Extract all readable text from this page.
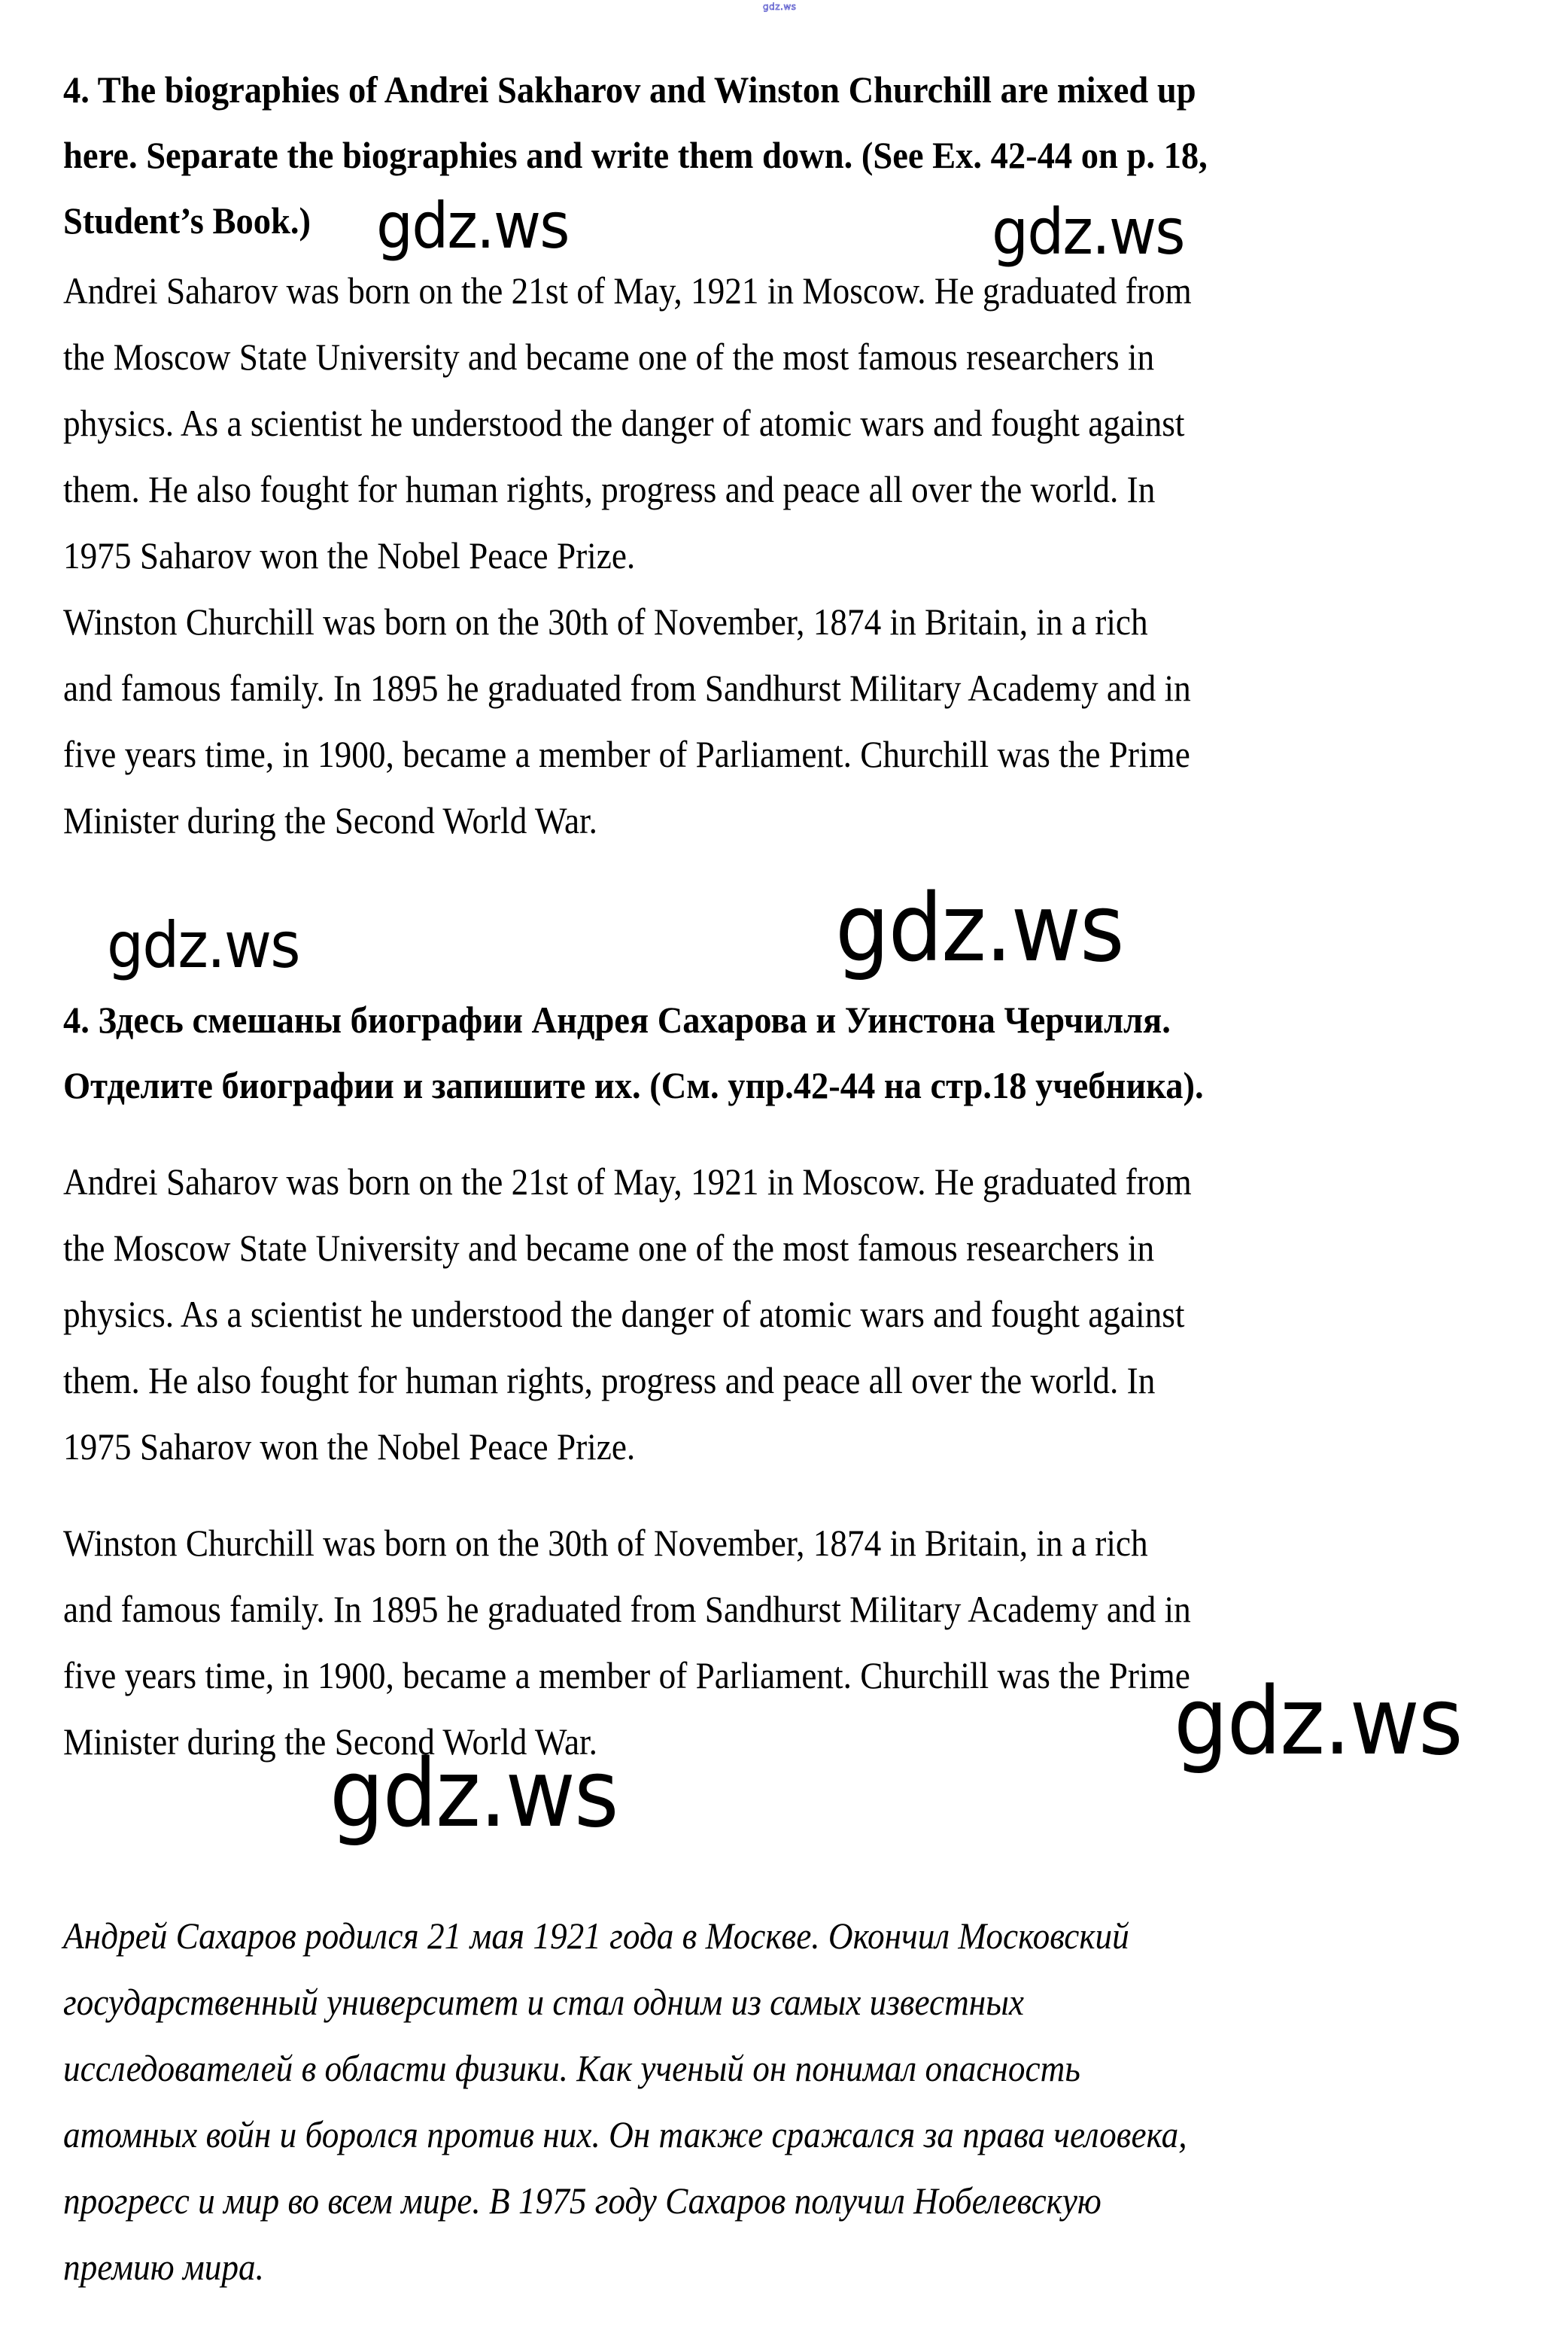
gdz.ws
4. The biographies of Andrei Sakharov and Winston Churchill are mixed up
here. Separate the biographies and write them down. (See Ex. 42-44 on p. 18,
Student’s Book.)
Andrei Saharov was born on the 21st of May, 1921 in Moscow. He graduated from
the Moscow State University and became one of the most famous researchers in
physics. As a scientist he understood the danger of atomic wars and fought against
them. He also fought for human rights, progress and peace all over the world. In
1975 Saharov won the Nobel Peace Prize.
Winston Churchill was born on the 30th of November, 1874 in Britain, in a rich
and famous family. In 1895 he graduated from Sandhurst Military Academy and in
five years time, in 1900, became a member of Parliament. Churchill was the Prime
Minister during the Second World War.
4. Здесь смешаны биографии Андрея Сахарова и Уинстона Черчилля.
Отделите биографии и запишите их. (См. упр.42-44 на стр.18 учебника).
Andrei Saharov was born on the 21st of May, 1921 in Moscow. He graduated from
the Moscow State University and became one of the most famous researchers in
physics. As a scientist he understood the danger of atomic wars and fought against
them. He also fought for human rights, progress and peace all over the world. In
1975 Saharov won the Nobel Peace Prize.
Winston Churchill was born on the 30th of November, 1874 in Britain, in a rich
and famous family. In 1895 he graduated from Sandhurst Military Academy and in
five years time, in 1900, became a member of Parliament. Churchill was the Prime
Minister during the Second World War.
Андрей Сахаров родился 21 мая 1921 года в Москве. Окончил Московский
государственный университет и стал одним из самых известных
исследователей в области физики. Как ученый он понимал опасность
атомных войн и боролся против них. Он также сражался за права человека,
прогресс и мир во всем мире. В 1975 году Сахаров получил Нобелевскую
премию мира.
gdz.ws	gdz.ws
gdz.ws	gdz.ws
gdz.ws
gdz.ws
